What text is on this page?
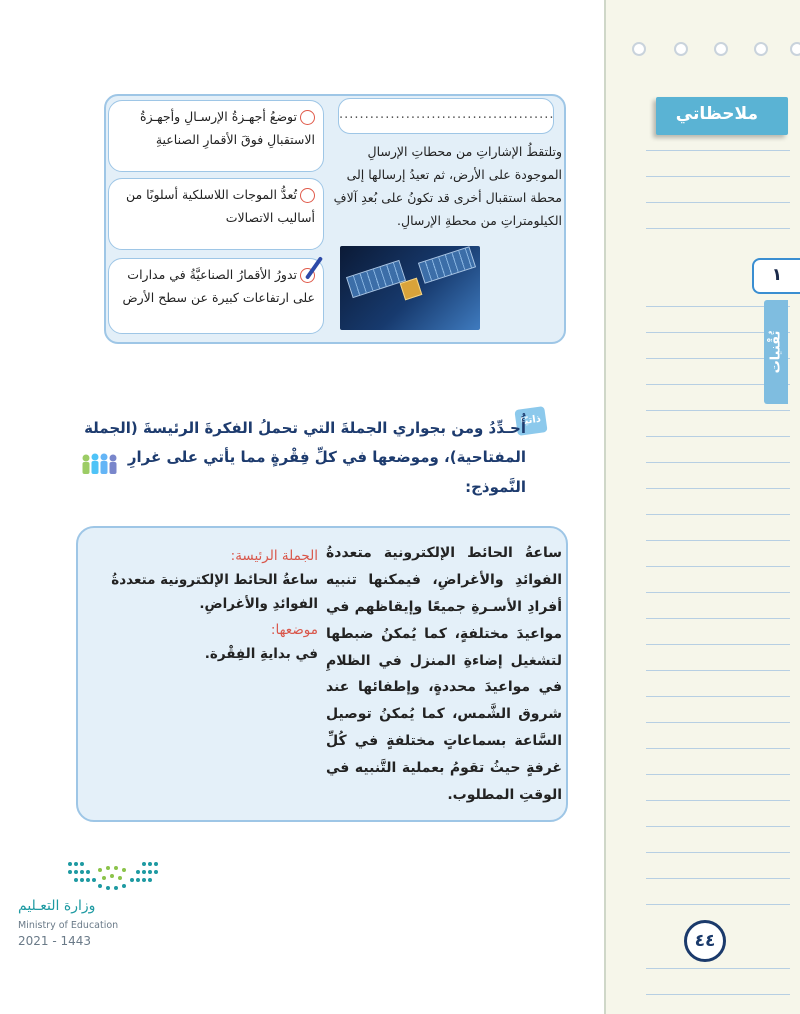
ملاحظاتي
١
تُقْنيات
٤٤
..........................................
وتلتقطُ الإشاراتِ من محطاتِ الإرسالِ الموجودة على الأرض، ثم تعيدُ إرسالها إلى محطة استقبال أخرى قد تكونُ على بُعدِ آلافِ الكيلومتراتِ من محطةِ الإرسالِ.
توضعُ أجهـزةُ الإرسـالِ وأجهـزةُ الاستقبالِ فوقَ الأقمارِ الصناعيةِ
تُعدُّ الموجات اللاسلكية أسلوبًا من أساليب الاتصالات
تدورُ الأقمارُ الصناعيَّةُ في مدارات على ارتفاعات كبيرة عن سطح الأرض
ذاتيًا
أُحـدِّدُ ومن بجواري الجملةَ التي تحملُ الفكرةَ الرئيسةَ (الجملة المفتاحية)، وموضعها في كلِّ فِقْرةٍ مما يأتي على غرارِ النَّموذج:
ساعةُ الحائط الإلكترونية متعددةُ الفوائدِ والأغراضِ، فيمكنها تنبيه أفرادِ الأسـرةِ جميعًا وإيقاظهم في مواعيدَ مختلفةٍ، كما يُمكنُ ضبطها لتشغيل إضاءةِ المنزل في الظلامِ في مواعيدَ محددةٍ، وإطفائها عند شروق الشَّمس، كما يُمكنُ توصيل السَّاعة بسماعاتٍ مختلفةٍ في كُلِّ غرفةٍ حيثُ تقومُ بعملية التَّنبيه في الوقتِ المطلوب.
الجملة الرئيسة:
ساعةُ الحائط الإلكترونية متعددةُ الفوائدِ والأغراضِ.
موضعها:
في بدايةِ الفِقْرة.
وزارة التعـليم
Ministry of Education
2021 - 1443
